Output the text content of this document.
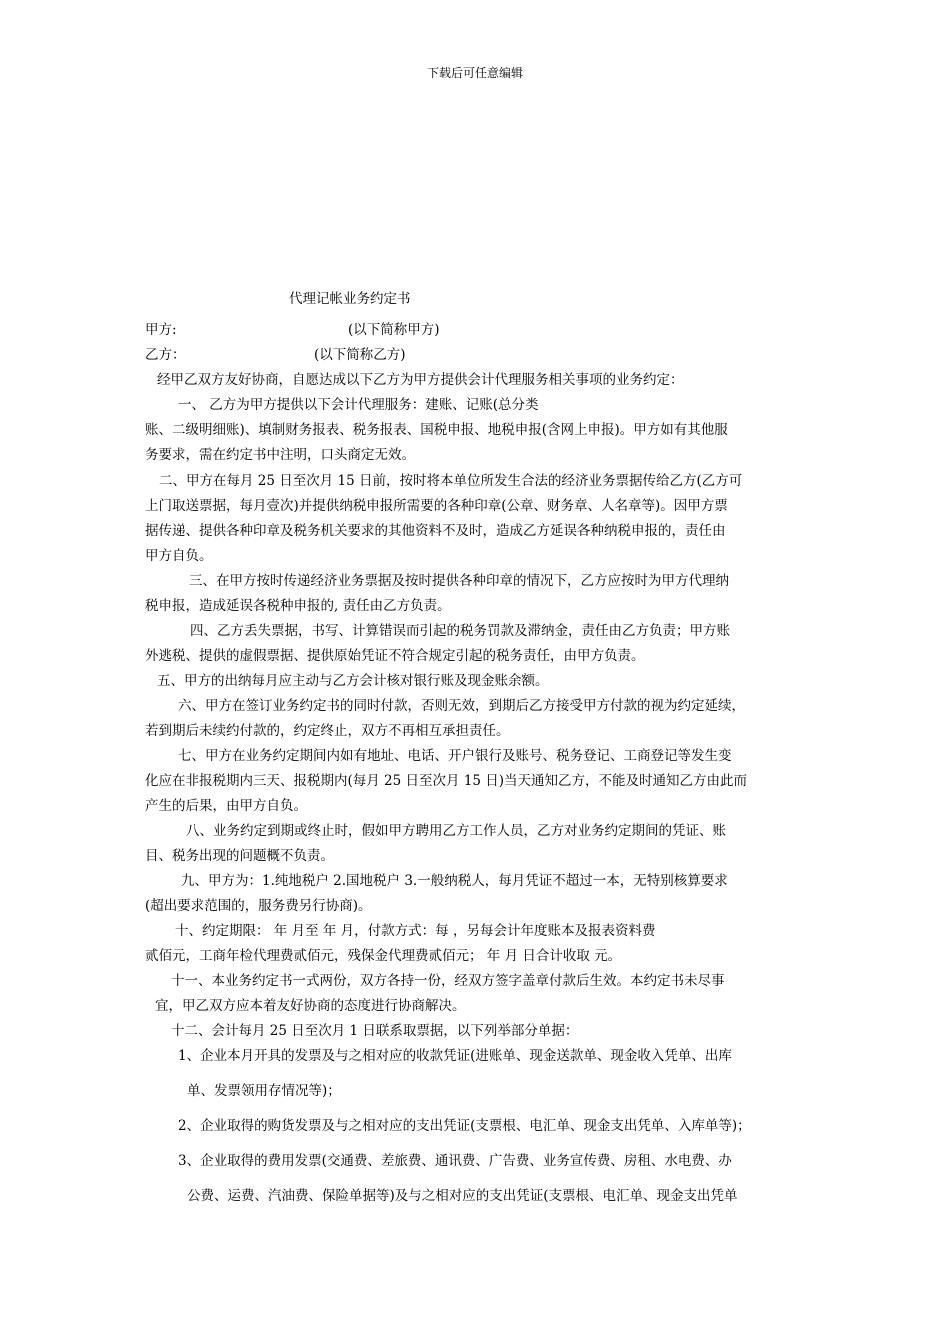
下载后可任意编辑
代理记帐业务约定书
甲方:	(以下简称甲方)
乙方：	(以下简称乙方)
经甲乙双方友好协商，自愿达成以下乙方为甲方提供会计代理服务相关事项的业务约定：
一、 乙方为甲方提供以下会计代理服务：建账、记账(总分类
账、二级明细账)、填制财务报表、税务报表、国税申报、地税申报(含网上申报)。甲方如有其他服
务要求，需在约定书中注明，口头商定无效。
二、甲方在每月 25 日至次月 15 日前，按时将本单位所发生合法的经济业务票据传给乙方(乙方可
上门取送票据，每月壹次)并提供纳税申报所需要的各种印章(公章、财务章、人名章等)。因甲方票
据传递、提供各种印章及税务机关要求的其他资料不及时，造成乙方延误各种纳税申报的，责任由
甲方自负。
三、在甲方按时传递经济业务票据及按时提供各种印章的情况下，乙方应按时为甲方代理纳
税申报，造成延误各税种申报的, 责任由乙方负责。
四、乙方丢失票据，书写、计算错误而引起的税务罚款及滞纳金，责任由乙方负责；甲方账
外逃税、提供的虚假票据、提供原始凭证不符合规定引起的税务责任，由甲方负责。
五、甲方的出纳每月应主动与乙方会计核对银行账及现金账余额。
六、甲方在签订业务约定书的同时付款，否则无效，到期后乙方接受甲方付款的视为约定延续，
若到期后未续约付款的，约定终止，双方不再相互承担责任。
七、甲方在业务约定期间内如有地址、电话、开户银行及账号、税务登记、工商登记等发生变
化应在非报税期内三天、报税期内(每月 25 日至次月 15 日)当天通知乙方，不能及时通知乙方由此而
产生的后果，由甲方自负。
八、业务约定到期或终止时，假如甲方聘用乙方工作人员，乙方对业务约定期间的凭证、账
目、税务出现的问题概不负责。
九、甲方为：1.纯地税户 2.国地税户 3.一般纳税人，每月凭证不超过一本，无特别核算要求
(超出要求范围的，服务费另行协商)。
十、约定期限： 年 月至 年 月，付款方式：每 ，另每会计年度账本及报表资料费
贰佰元，工商年检代理费贰佰元，残保金代理费贰佰元； 年 月 日合计收取 元。
十一、本业务约定书一式两份，双方各持一份，经双方签字盖章付款后生效。本约定书未尽事
宜，甲乙双方应本着友好协商的态度进行协商解决。
十二、会计每月 25 日至次月 1 日联系取票据，以下列举部分单据：
1、企业本月开具的发票及与之相对应的收款凭证(进账单、现金送款单、现金收入凭单、出库
单、发票领用存情况等)；
2、企业取得的购货发票及与之相对应的支出凭证(支票根、电汇单、现金支出凭单、入库单等)；
3、企业取得的费用发票(交通费、差旅费、通讯费、广告费、业务宣传费、房租、水电费、办
公费、运费、汽油费、保险单据等)及与之相对应的支出凭证(支票根、电汇单、现金支出凭单
